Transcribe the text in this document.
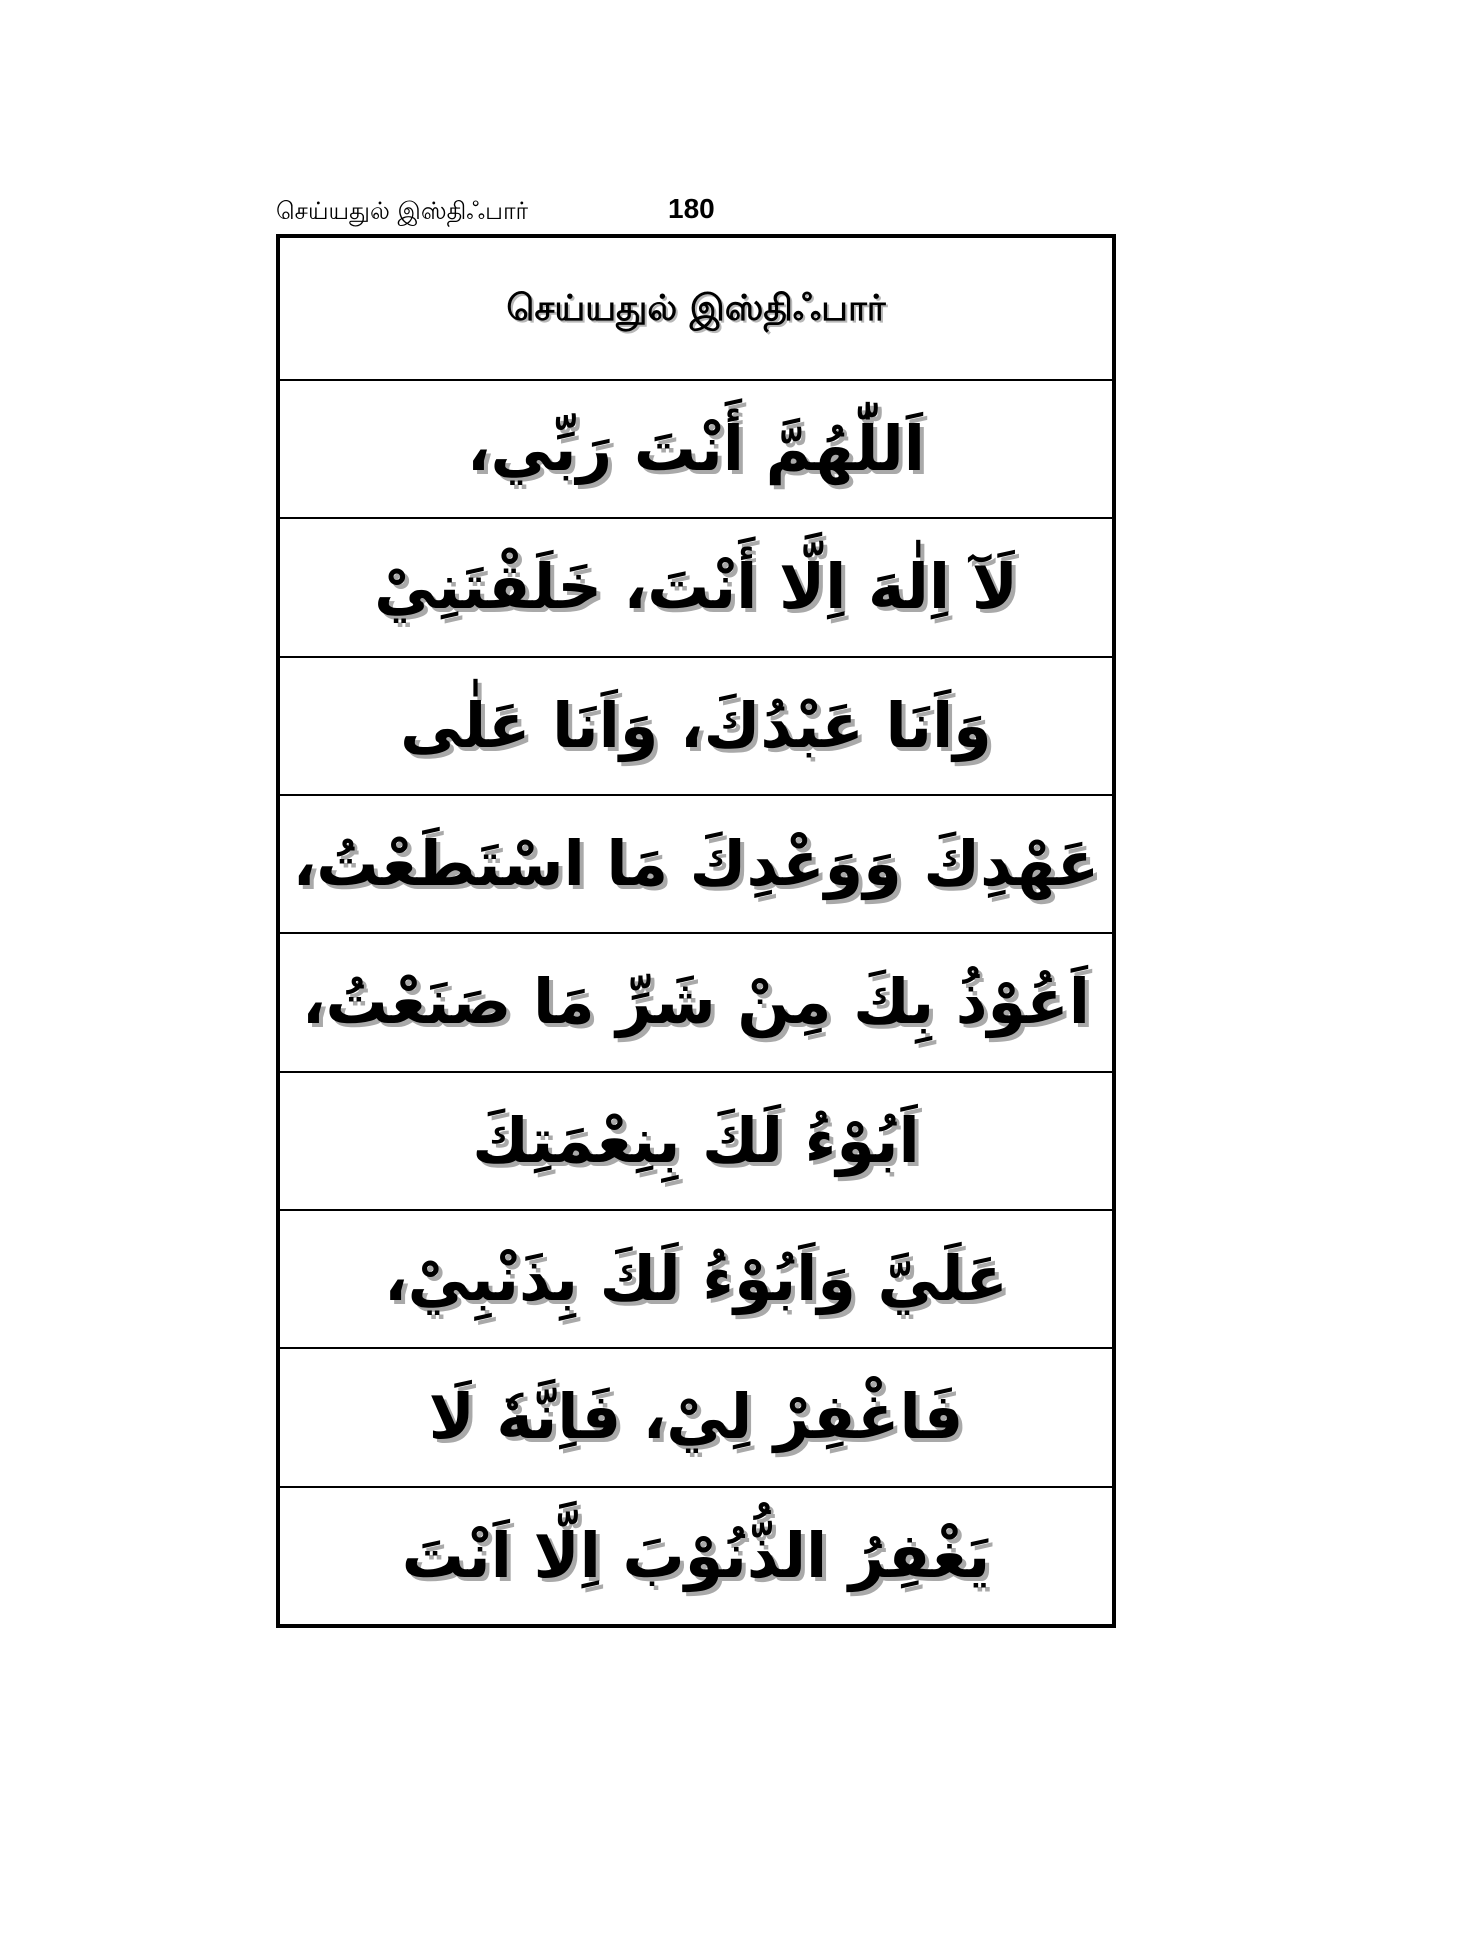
செய்யதுல் இஸ்திஃபார்	180
செய்யதுல் இஸ்திஃபார்
اَللّٰهُمَّ أَنْتَ رَبِّي،
لَآ اِلٰهَ اِلَّا أَنْتَ، خَلَقْتَنِيْ
وَاَنَا عَبْدُكَ، وَاَنَا عَلٰى
عَهْدِكَ وَوَعْدِكَ مَا اسْتَطَعْتُ،
اَعُوْذُ بِكَ مِنْ شَرِّ مَا صَنَعْتُ،
اَبُوْءُ لَكَ بِنِعْمَتِكَ
عَلَيَّ وَاَبُوْءُ لَكَ بِذَنْبِيْ،
فَاغْفِرْ لِيْ، فَاِنَّهٗ لَا
يَغْفِرُ الذُّنُوْبَ اِلَّا اَنْتَ
